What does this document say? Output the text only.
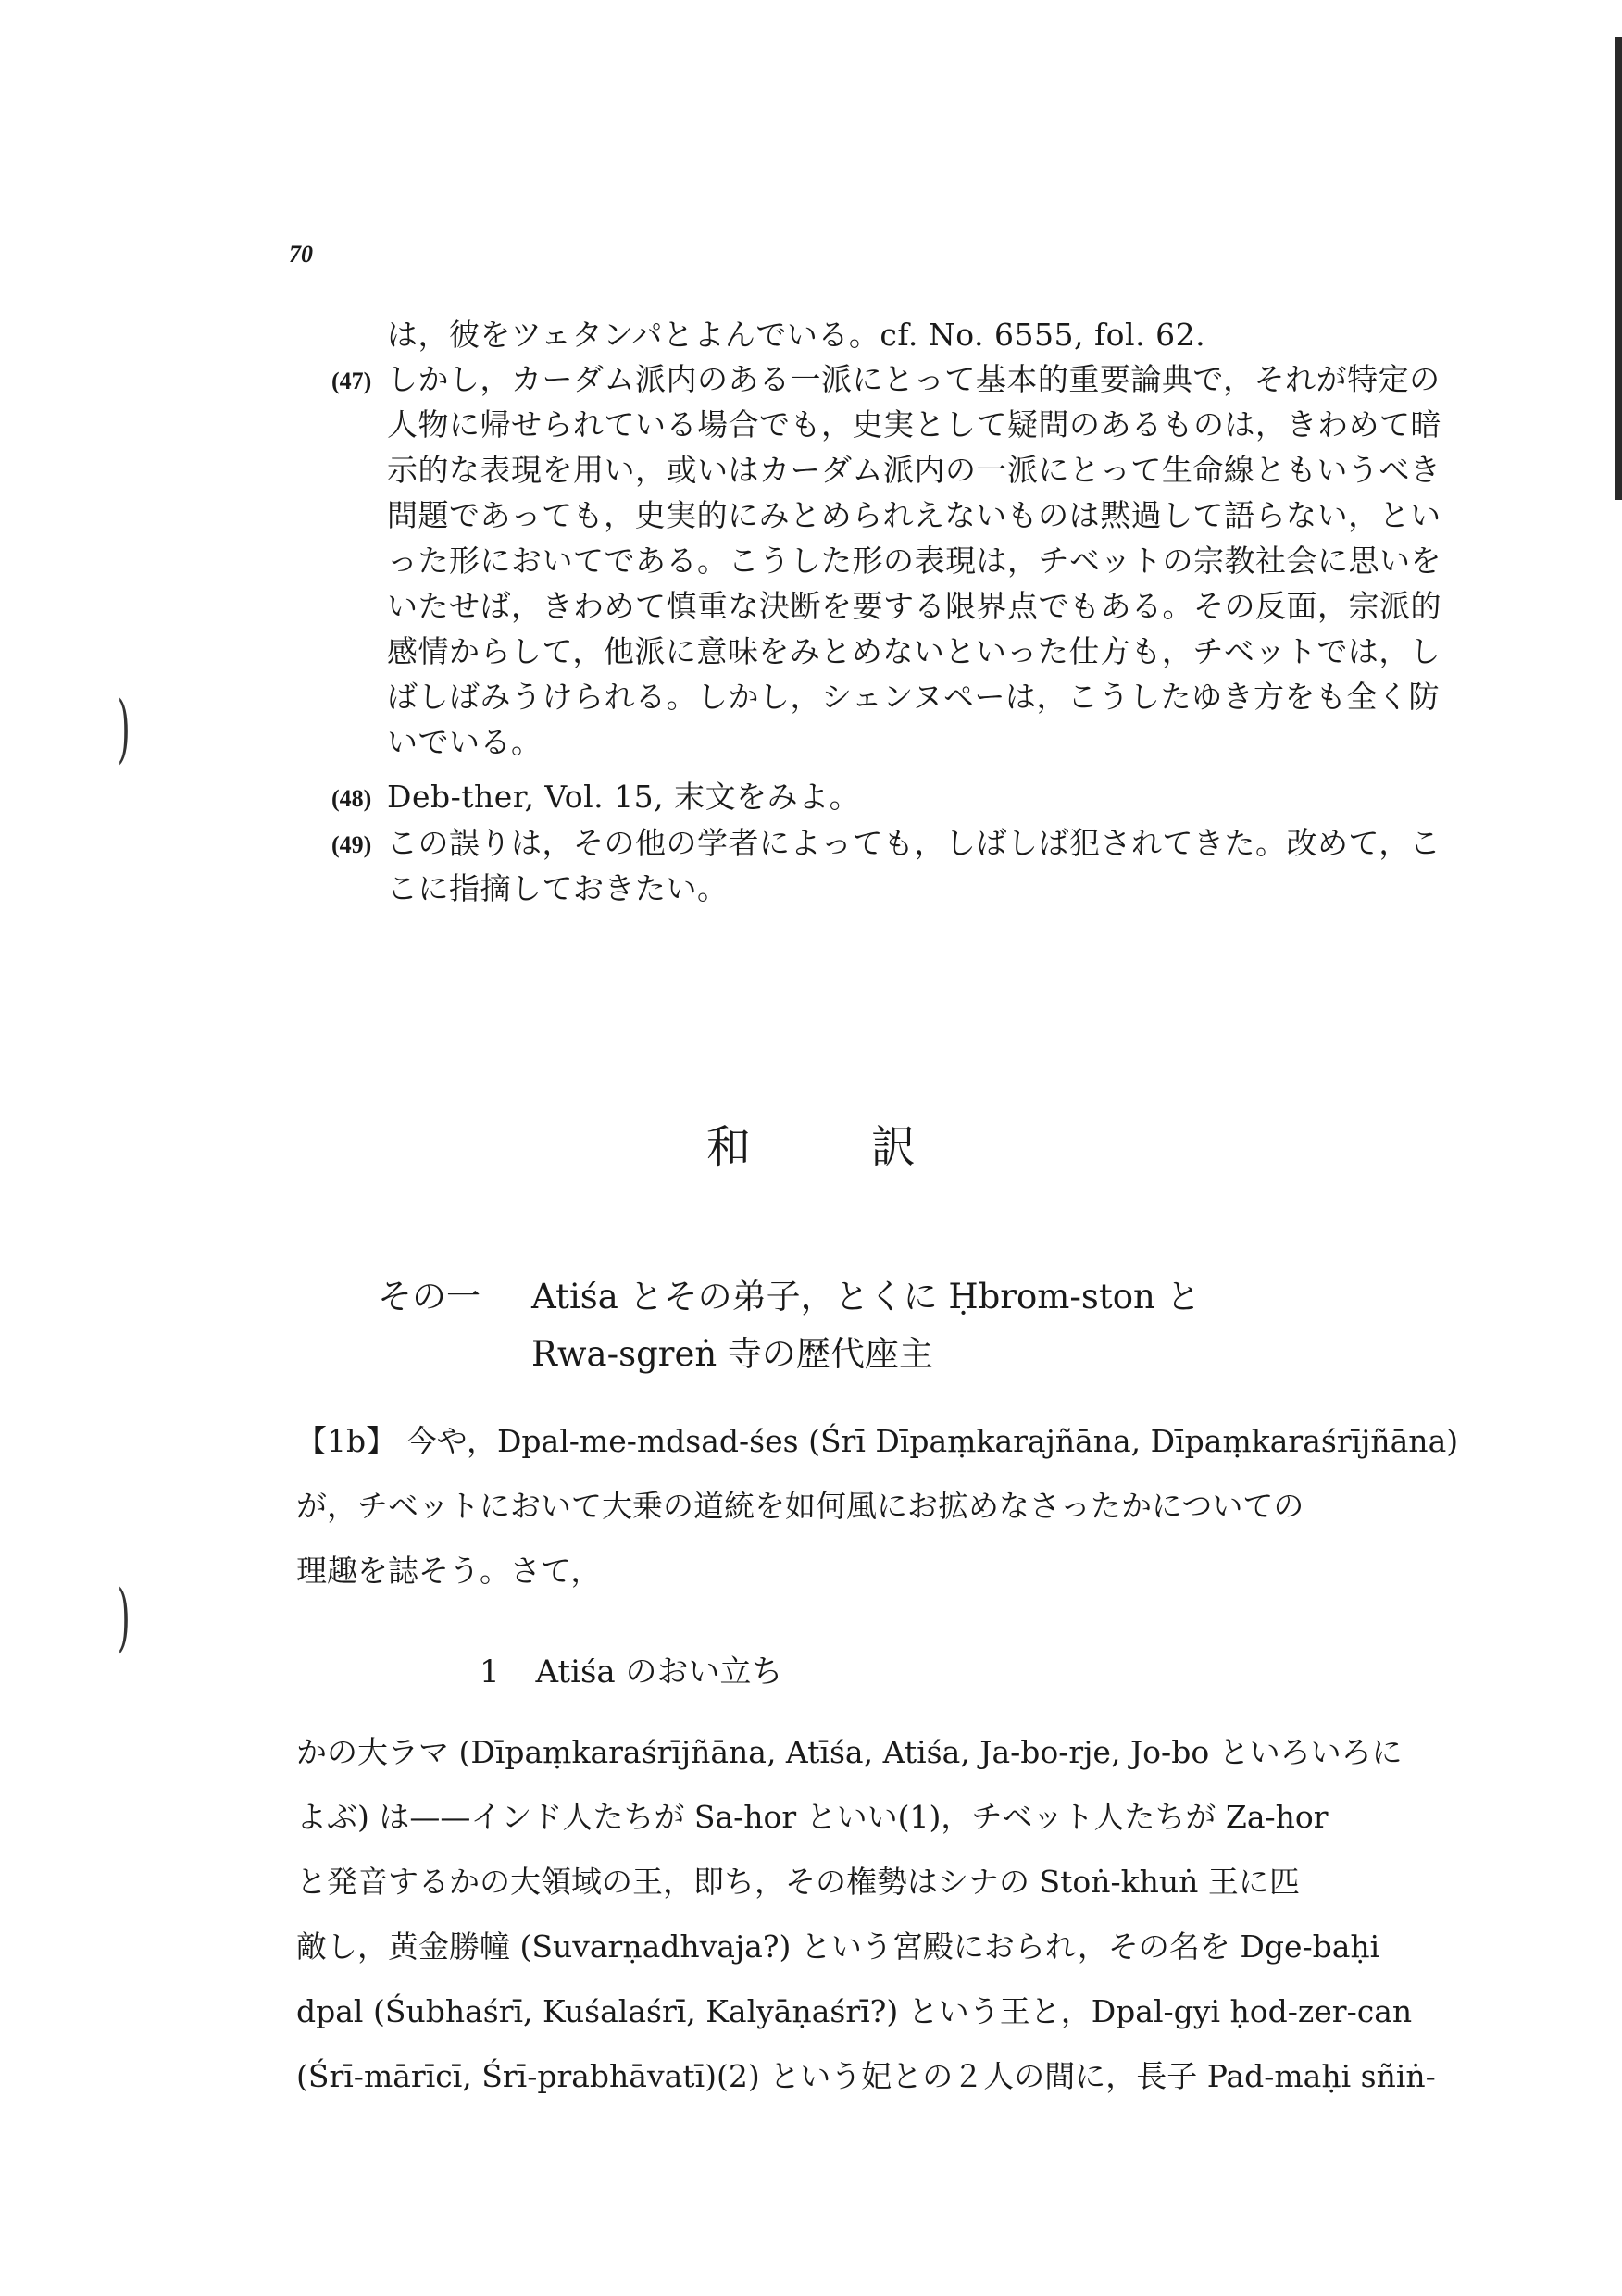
)
)
70
は，彼をツェタンパとよんでいる。cf. No. 6555, fol. 62.
(47) しかし，カーダム派内のある一派にとって基本的重要論典で，それが特定の
人物に帰せられている場合でも，史実として疑問のあるものは，きわめて暗
示的な表現を用い，或いはカーダム派内の一派にとって生命線ともいうべき
問題であっても，史実的にみとめられえないものは黙過して語らない，とい
った形においてである。こうした形の表現は，チベットの宗教社会に思いを
いたせば，きわめて慎重な決断を要する限界点でもある。その反面，宗派的
感情からして，他派に意味をみとめないといった仕方も，チベットでは，し
ばしばみうけられる。しかし，シェンヌペーは，こうしたゆき方をも全く防
いでいる。
(48) Deb-ther, Vol. 15, 末文をみよ。
(49) この誤りは，その他の学者によっても，しばしば犯されてきた。改めて，こ
こに指摘しておきたい。
和訳
その一 Atiśa とその弟子，とくに Ḥbrom-ston と
Rwa-sgreṅ 寺の歴代座主
【1b】 今や，Dpal-me-mdsad-śes (Śrī Dīpaṃkarajñāna, Dīpaṃkaraśrījñāna)
が，チベットにおいて大乗の道統を如何風にお拡めなさったかについての
理趣を誌そう。さて，
1 Atiśa のおい立ち
かの大ラマ (Dīpaṃkaraśrījñāna, Atīśa, Atiśa, Ja-bo-rje, Jo-bo といろいろに
よぶ) は——インド人たちが Sa-hor といい(1)，チベット人たちが Za-hor
と発音するかの大領域の王，即ち，その権勢はシナの Stoṅ-khuṅ 王に匹
敵し，黄金勝幢 (Suvarṇadhvaja?) という宮殿におられ，その名を Dge-baḥi
dpal (Śubhaśrī, Kuśalaśrī, Kalyāṇaśrī?) という王と，Dpal-gyi ḥod-zer-can
(Śrī-mārīcī, Śrī-prabhāvatī)(2) という妃との２人の間に，長子 Pad-maḥi sñiṅ-
